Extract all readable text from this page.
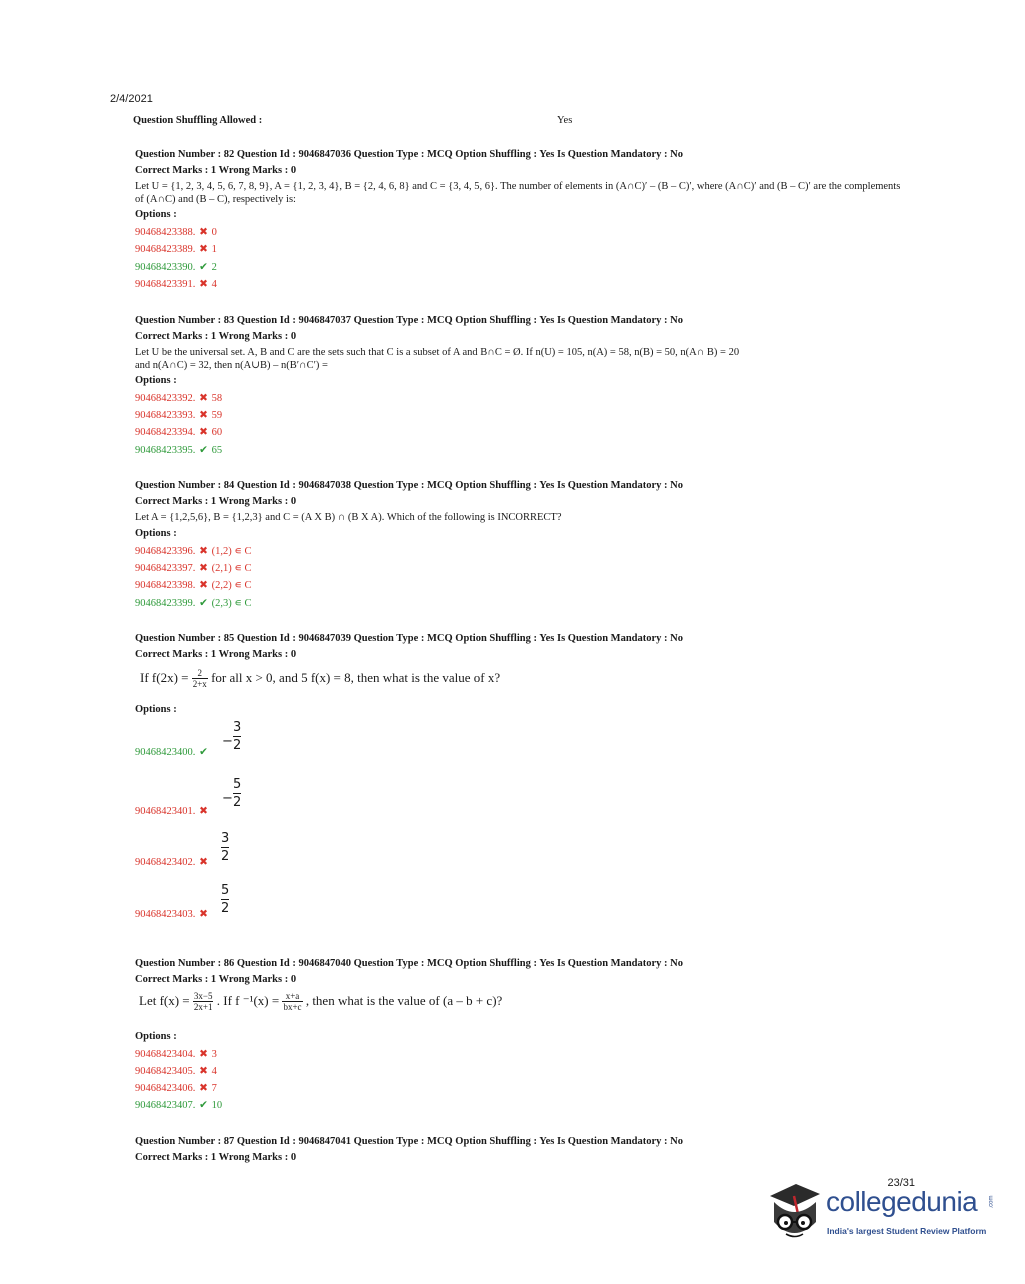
2/4/2021
Question Shuffling Allowed :	Yes
Question Number : 82 Question Id : 9046847036 Question Type : MCQ Option Shuffling : Yes Is Question Mandatory : No
Correct Marks : 1 Wrong Marks : 0
Let U = {1, 2, 3, 4, 5, 6, 7, 8, 9}, A = {1, 2, 3, 4}, B = {2, 4, 6, 8} and C = {3, 4, 5, 6}. The number of elements in (A∩C)′ – (B – C)′, where (A∩C)′ and (B – C)′ are the complements of (A∩C) and (B – C), respectively is:
Options :
90468423388. ✖ 0
90468423389. ✖ 1
90468423390. ✔ 2
90468423391. ✖ 4
Question Number : 83 Question Id : 9046847037 Question Type : MCQ Option Shuffling : Yes Is Question Mandatory : No
Correct Marks : 1 Wrong Marks : 0
Let U be the universal set. A, B and C are the sets such that C is a subset of A and B∩C = Ø. If n(U) = 105, n(A) = 58, n(B) = 50, n(A∩ B) = 20 and n(A∩C) = 32, then n(A∪B) – n(B′∩C′) =
Options :
90468423392. ✖ 58
90468423393. ✖ 59
90468423394. ✖ 60
90468423395. ✔ 65
Question Number : 84 Question Id : 9046847038 Question Type : MCQ Option Shuffling : Yes Is Question Mandatory : No
Correct Marks : 1 Wrong Marks : 0
Let A = {1,2,5,6}, B = {1,2,3} and C = (A X B) ∩ (B X A). Which of the following is INCORRECT?
Options :
90468423396. ✖ (1,2) ∊ C
90468423397. ✖ (2,1) ∊ C
90468423398. ✖ (2,2) ∊ C
90468423399. ✔ (2,3) ∊ C
Question Number : 85 Question Id : 9046847039 Question Type : MCQ Option Shuffling : Yes Is Question Mandatory : No
Correct Marks : 1 Wrong Marks : 0
If $f(2x) = \frac{2}{2+x}$ for all x > 0, and 5 f(x) = 8, then what is the value of x?
Options :
90468423400. ✔
−
3
2
90468423401. ✖
−
5
2
90468423402. ✖
3
2
90468423403. ✖
5
2
Question Number : 86 Question Id : 9046847040 Question Type : MCQ Option Shuffling : Yes Is Question Mandatory : No
Correct Marks : 1 Wrong Marks : 0
Let $f(x) = \frac{3x-5}{2x+1}$ . If f $^{-1}(x) = \frac{x+a}{bx+c}$ , then what is the value of (a – b + c)?
Options :
90468423404. ✖ 3
90468423405. ✖ 4
90468423406. ✖ 7
90468423407. ✔ 10
Question Number : 87 Question Id : 9046847041 Question Type : MCQ Option Shuffling : Yes Is Question Mandatory : No
Correct Marks : 1 Wrong Marks : 0
23/31
collegedunia .com
India's largest Student Review Platform
